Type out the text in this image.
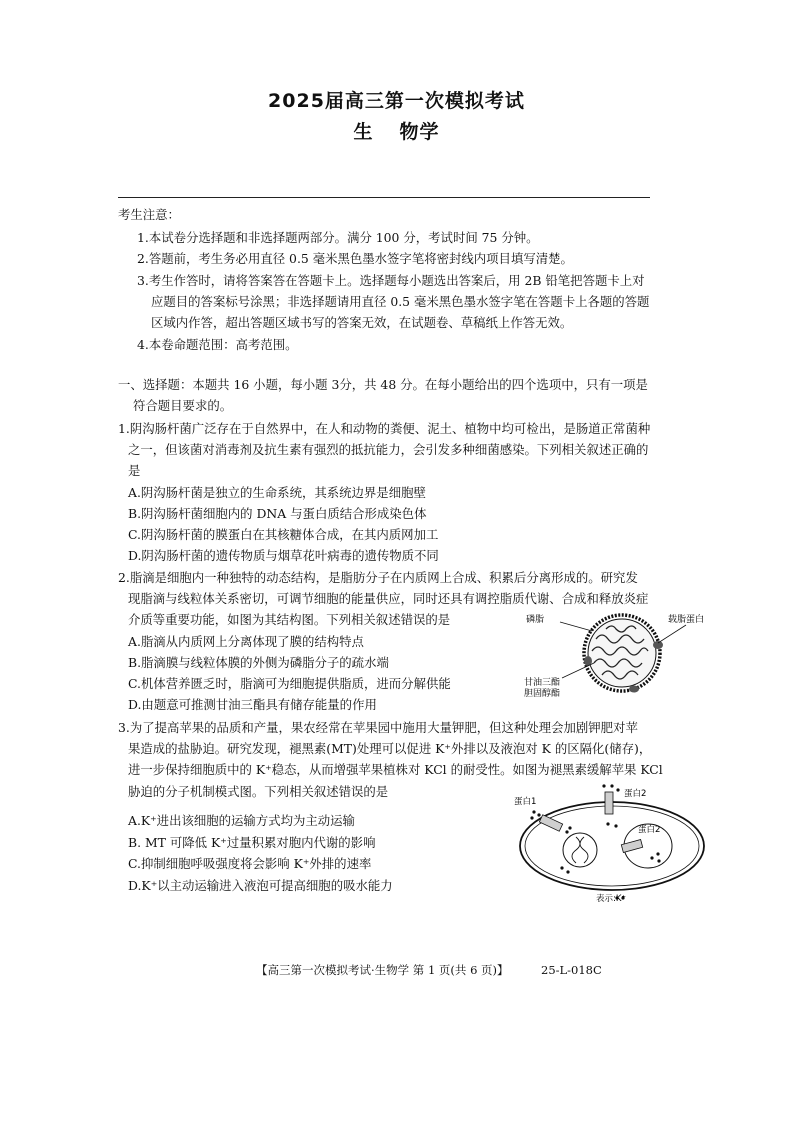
2025届高三第一次模拟考试
生 物学
考生注意：
1.本试卷分选择题和非选择题两部分。满分 100 分，考试时间 75 分钟。
2.答题前，考生务必用直径 0.5 毫米黑色墨水签字笔将密封线内项目填写清楚。
3.考生作答时，请将答案答在答题卡上。选择题每小题选出答案后，用 2B 铅笔把答题卡上对
应题目的答案标号涂黑；非选择题请用直径 0.5 毫米黑色墨水签字笔在答题卡上各题的答题
区域内作答，超出答题区域书写的答案无效，在试题卷、草稿纸上作答无效。
4.本卷命题范围：高考范围。
一、选择题：本题共 16 小题，每小题 3分，共 48 分。在每小题给出的四个选项中，只有一项是
符合题目要求的。
1.阴沟肠杆菌广泛存在于自然界中，在人和动物的粪便、泥土、植物中均可检出，是肠道正常菌种
之一，但该菌对消毒剂及抗生素有强烈的抵抗能力，会引发多种细菌感染。下列相关叙述正确的
是
A.阴沟肠杆菌是独立的生命系统，其系统边界是细胞壁
B.阴沟肠杆菌细胞内的 DNA 与蛋白质结合形成染色体
C.阴沟肠杆菌的膜蛋白在其核糖体合成，在其内质网加工
D.阴沟肠杆菌的遗传物质与烟草花叶病毒的遗传物质不同
2.脂滴是细胞内一种独特的动态结构，是脂肪分子在内质网上合成、积累后分离形成的。研究发
现脂滴与线粒体关系密切，可调节细胞的能量供应，同时还具有调控脂质代谢、合成和释放炎症
介质等重要功能，如图为其结构图。下列相关叙述错误的是
A.脂滴从内质网上分离体现了膜的结构特点
B.脂滴膜与线粒体膜的外侧为磷脂分子的疏水端
C.机体营养匮乏时，脂滴可为细胞提供脂质，进而分解供能
D.由题意可推测甘油三酯具有储存能量的作用
磷脂	载脂蛋白
甘油三酯
胆固醇酯
3.为了提高苹果的品质和产量，果农经常在苹果园中施用大量钾肥，但这种处理会加剧钾肥对苹
果造成的盐胁迫。研究发现，褪黑素(MT)处理可以促进 K⁺外排以及液泡对 K 的区隔化(储存)，
进一步保持细胞质中的 K⁺稳态，从而增强苹果植株对 KCl 的耐受性。如图为褪黑素缓解苹果 KCl
胁迫的分子机制模式图。下列相关叙述错误的是
A.K⁺进出该细胞的运输方式均为主动运输
B. MT 可降低 K⁺过量积累对胞内代谢的影响
C.抑制细胞呼吸强度将会影响 K⁺外排的速率
D.K⁺以主动运输进入液泡可提高细胞的吸水能力
蛋白1
蛋白2
蛋白2
表示:K⁺
【高三第一次模拟考试·生物学 第 1 页(共 6 页)】	25-L-018C
